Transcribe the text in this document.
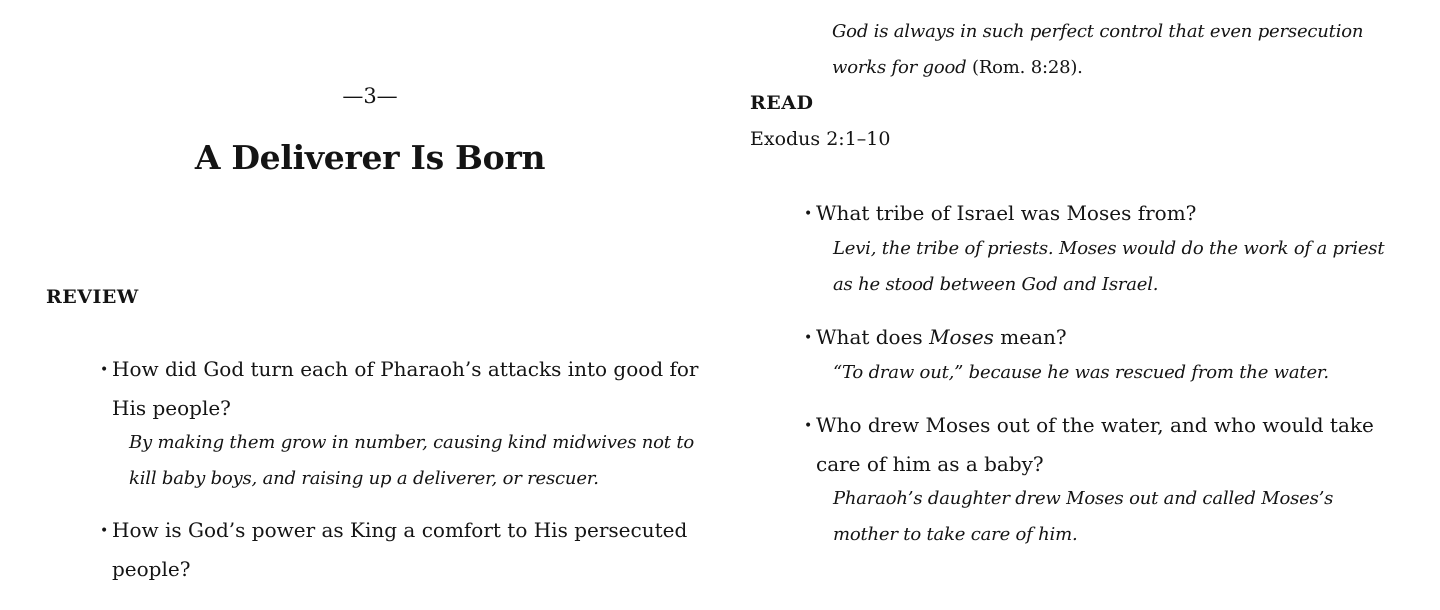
—3—
A Deliverer Is Born
REVIEW
• How did God turn each of Pharaoh’s attacks into good for His people?
By making them grow in number, causing kind midwives not to kill baby boys, and raising up a deliverer, or rescuer.
• How is God’s power as King a comfort to His persecuted people?
God is always in such perfect control that even persecution works for good (Rom. 8:28).
READ
Exodus 2:1–10
• What tribe of Israel was Moses from?
Levi, the tribe of priests. Moses would do the work of a priest as he stood between God and Israel.
• What does Moses mean?
“To draw out,” because he was rescued from the water.
• Who drew Moses out of the water, and who would take care of him as a baby?
Pharaoh’s daughter drew Moses out and called Moses’s mother to take care of him.
